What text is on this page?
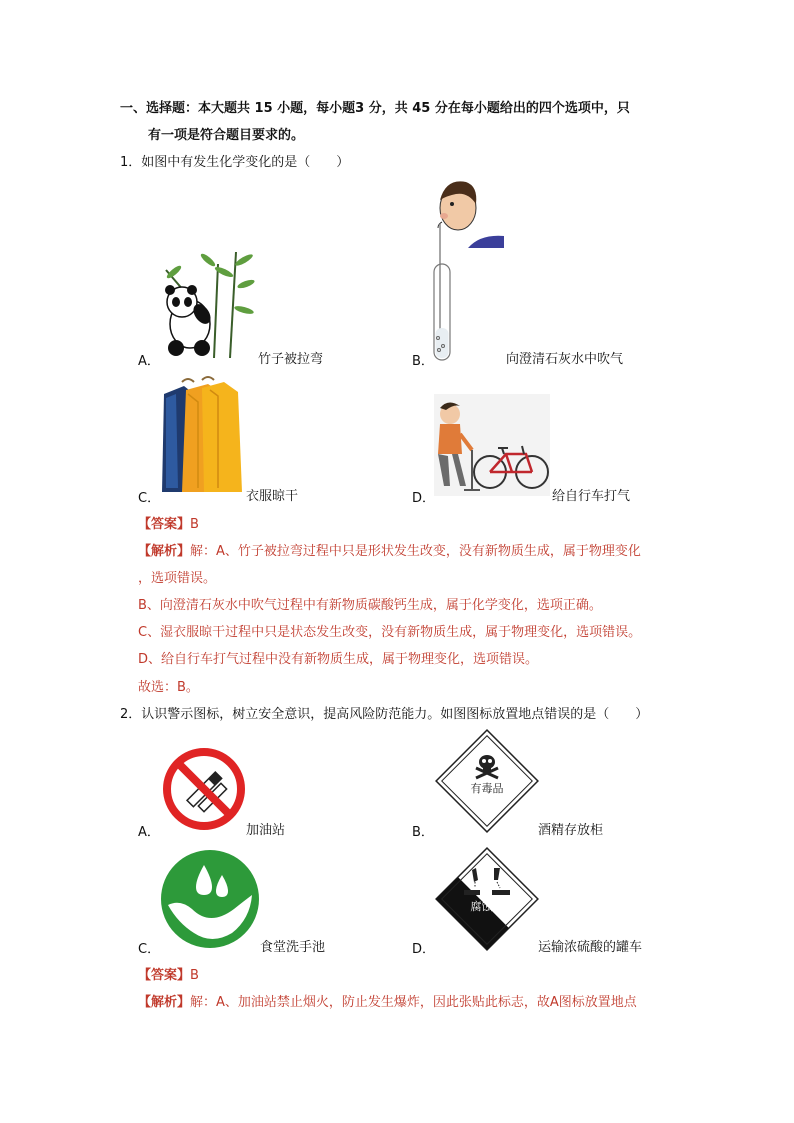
一、选择题：本大题共 15 小题，每小题3 分，共 45 分在每小题给出的四个选项中，只
有一项是符合题目要求的。
1．如图中有发生化学变化的是（　　）
A．	竹子被拉弯	B．	向澄清石灰水中吹气
C．	衣服晾干	D．	给自行车打气
【答案】B
【解析】解：A、竹子被拉弯过程中只是形状发生改变，没有新物质生成，属于物理变化
，选项错误。
B、向澄清石灰水中吹气过程中有新物质碳酸钙生成，属于化学变化，选项正确。
C、湿衣服晾干过程中只是状态发生改变，没有新物质生成，属于物理变化，选项错误。
D、给自行车打气过程中没有新物质生成，属于物理变化，选项错误。
故选：B。
2．认识警示图标，树立安全意识，提高风险防范能力。如图图标放置地点错误的是（　　）
A．	加油站
有毒品
B．	酒精存放柜
C．	食堂洗手池
腐蚀品
D．	运输浓硫酸的罐车
【答案】B
【解析】解：A、加油站禁止烟火，防止发生爆炸，因此张贴此标志，故A图标放置地点
